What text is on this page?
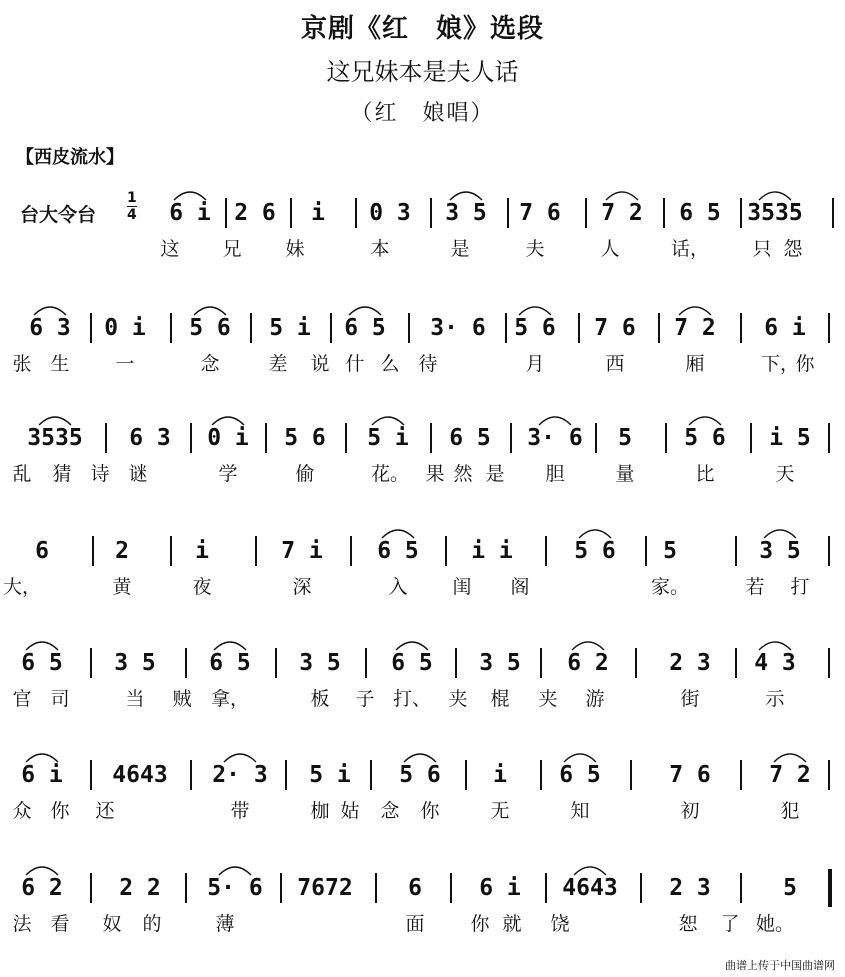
京剧《红　娘》选段
这兄妹本是夫人话
（红　娘唱）
【西皮流水】
台大令台
1
4 6 i 2 6 i 0 3 3 5 7 6 7 2 6 5 3535
这 兄 妹	本	是	夫	人	话， 只 怨
6 3 0 i 5 6 5 i 6 5 3· 6 5 6 7 6 7 2 6 i
张 生 一	念	差 说 什 么 待	月	西	厢	下，
你
3535 6 3 0 i 5 6 5 i 6 5 3· 6 5 5 6 i 5
乱 猜 诗 谜	学	偷	花。 果 然 是 胆	量	比	天
6	2	i	7 i 6 5 i i	5 6 5	3 5
大，	黄	夜	深	入 闺 阁	家。	若 打
6 5 3 5 6 5 3 5 6 5 3 5 6 2	2 3 4 3
官 司	当 贼 拿，	板 子 打、 夹 棍 夹 游	街	示
6 i 4643 2· 3 5 i 5 6 i 6 5	7 6	7 2
众 你 还	带	枷 姑 念 你	无	知	初	犯
6 2 2 2 5· 6 7672 6 6 i 4643 2 3	5
法 看 奴 的	薄	面 你 就 饶	恕 了 她。
曲谱上传于中国曲谱网
